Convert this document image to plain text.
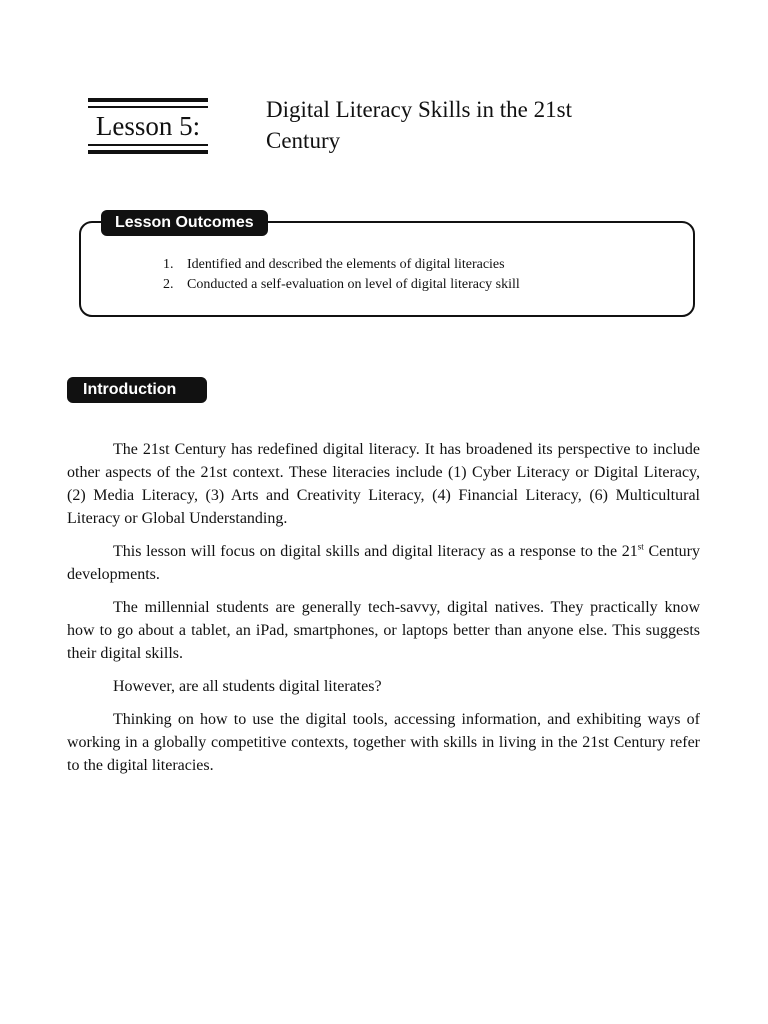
Lesson 5:
Digital Literacy Skills in the 21st Century
Lesson Outcomes
1. Identified and described the elements of digital literacies
2. Conducted a self-evaluation on level of digital literacy skill
Introduction

The 21st Century has redefined digital literacy. It has broadened its perspective to include other aspects of the 21st context. These literacies include (1) Cyber Literacy or Digital Literacy, (2) Media Literacy, (3) Arts and Creativity Literacy, (4) Financial Literacy, (6) Multicultural Literacy or Global Understanding.

This lesson will focus on digital skills and digital literacy as a response to the 21st Century developments.

The millennial students are generally tech-savvy, digital natives. They practically know how to go about a tablet, an iPad, smartphones, or laptops better than anyone else. This suggests their digital skills.

However, are all students digital literates?

Thinking on how to use the digital tools, accessing information, and exhibiting ways of working in a globally competitive contexts, together with skills in living in the 21st Century refer to the digital literacies.
